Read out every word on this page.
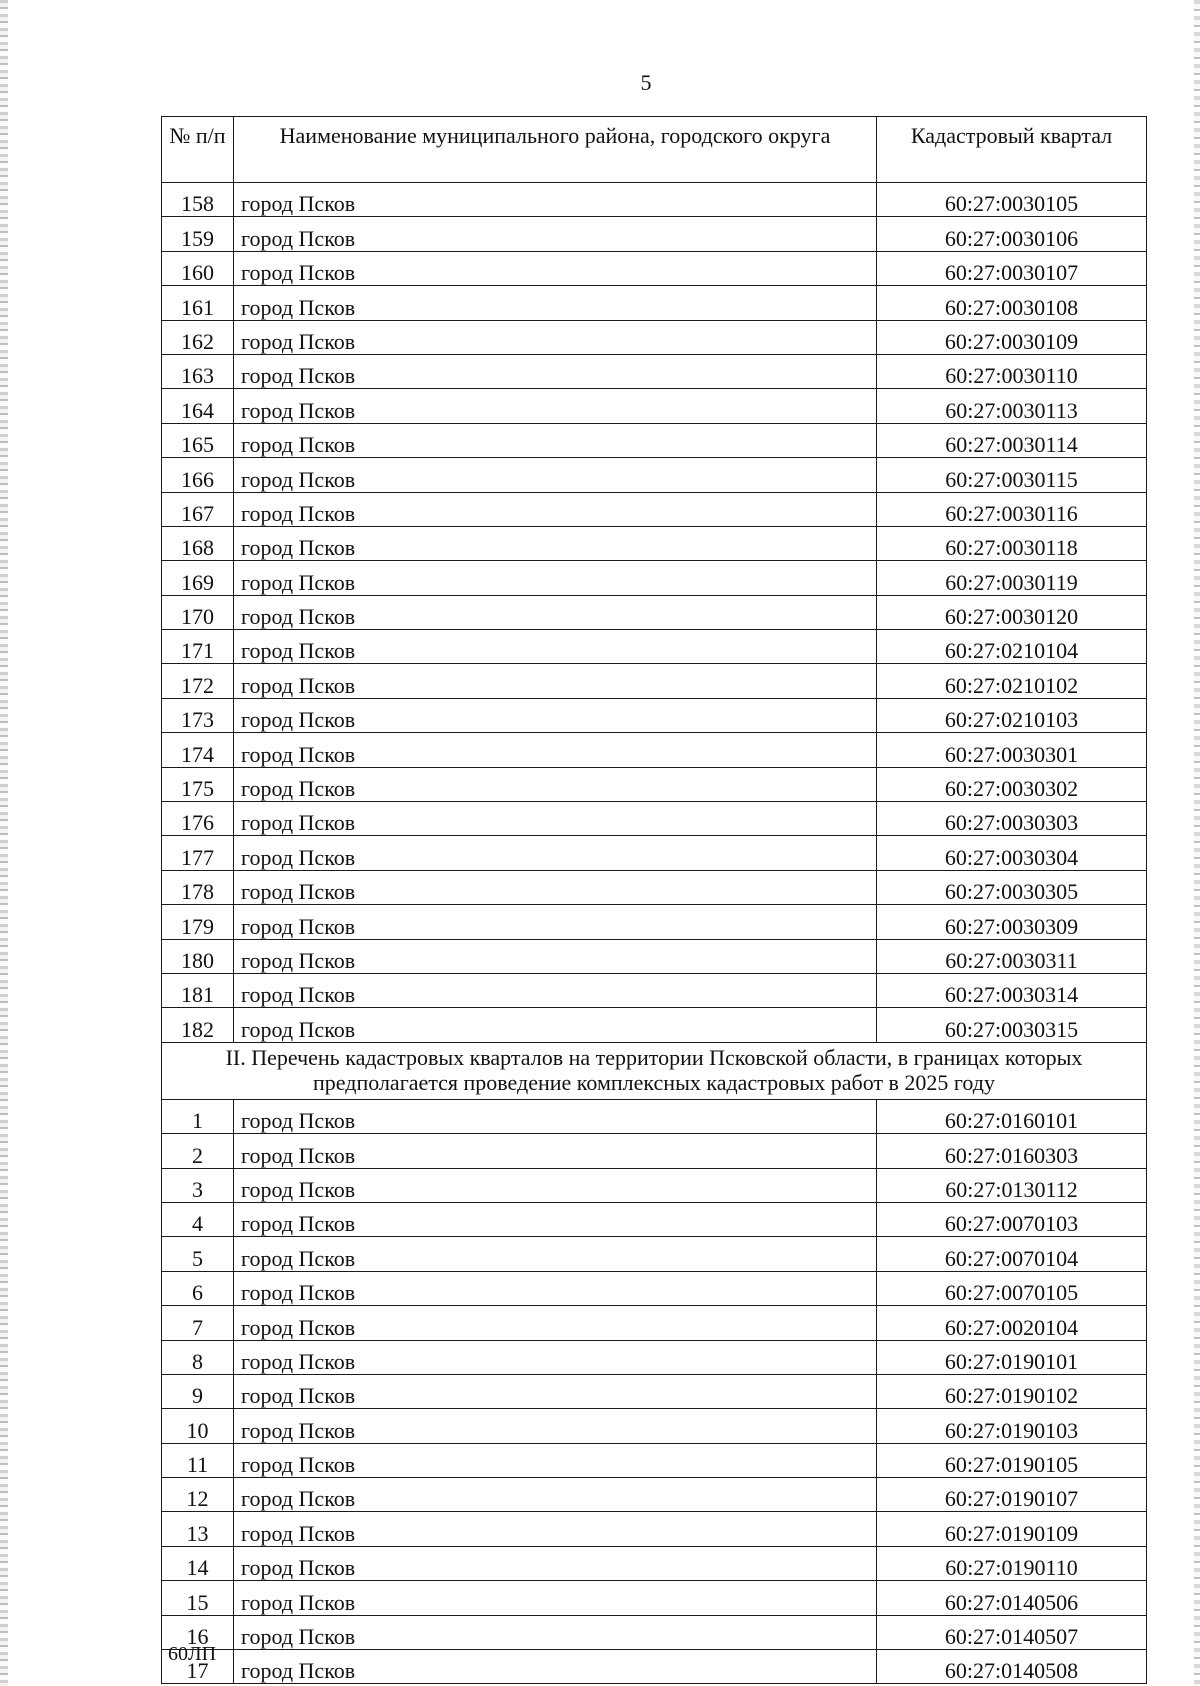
5
№ п/п	Наименование муниципального района, городского округа	Кадастровый квартал
158	город Псков	60:27:0030105
159	город Псков	60:27:0030106
160	город Псков	60:27:0030107
161	город Псков	60:27:0030108
162	город Псков	60:27:0030109
163	город Псков	60:27:0030110
164	город Псков	60:27:0030113
165	город Псков	60:27:0030114
166	город Псков	60:27:0030115
167	город Псков	60:27:0030116
168	город Псков	60:27:0030118
169	город Псков	60:27:0030119
170	город Псков	60:27:0030120
171	город Псков	60:27:0210104
172	город Псков	60:27:0210102
173	город Псков	60:27:0210103
174	город Псков	60:27:0030301
175	город Псков	60:27:0030302
176	город Псков	60:27:0030303
177	город Псков	60:27:0030304
178	город Псков	60:27:0030305
179	город Псков	60:27:0030309
180	город Псков	60:27:0030311
181	город Псков	60:27:0030314
182	город Псков	60:27:0030315
II. Перечень кадастровых кварталов на территории Псковской области, в границах которых предполагается проведение комплексных кадастровых работ в 2025 году		
1	город Псков	60:27:0160101
2	город Псков	60:27:0160303
3	город Псков	60:27:0130112
4	город Псков	60:27:0070103
5	город Псков	60:27:0070104
6	город Псков	60:27:0070105
7	город Псков	60:27:0020104
8	город Псков	60:27:0190101
9	город Псков	60:27:0190102
10	город Псков	60:27:0190103
11	город Псков	60:27:0190105
12	город Псков	60:27:0190107
13	город Псков	60:27:0190109
14	город Псков	60:27:0190110
15	город Псков	60:27:0140506
16	город Псков	60:27:0140507
17	город Псков	60:27:0140508
60ЛП
